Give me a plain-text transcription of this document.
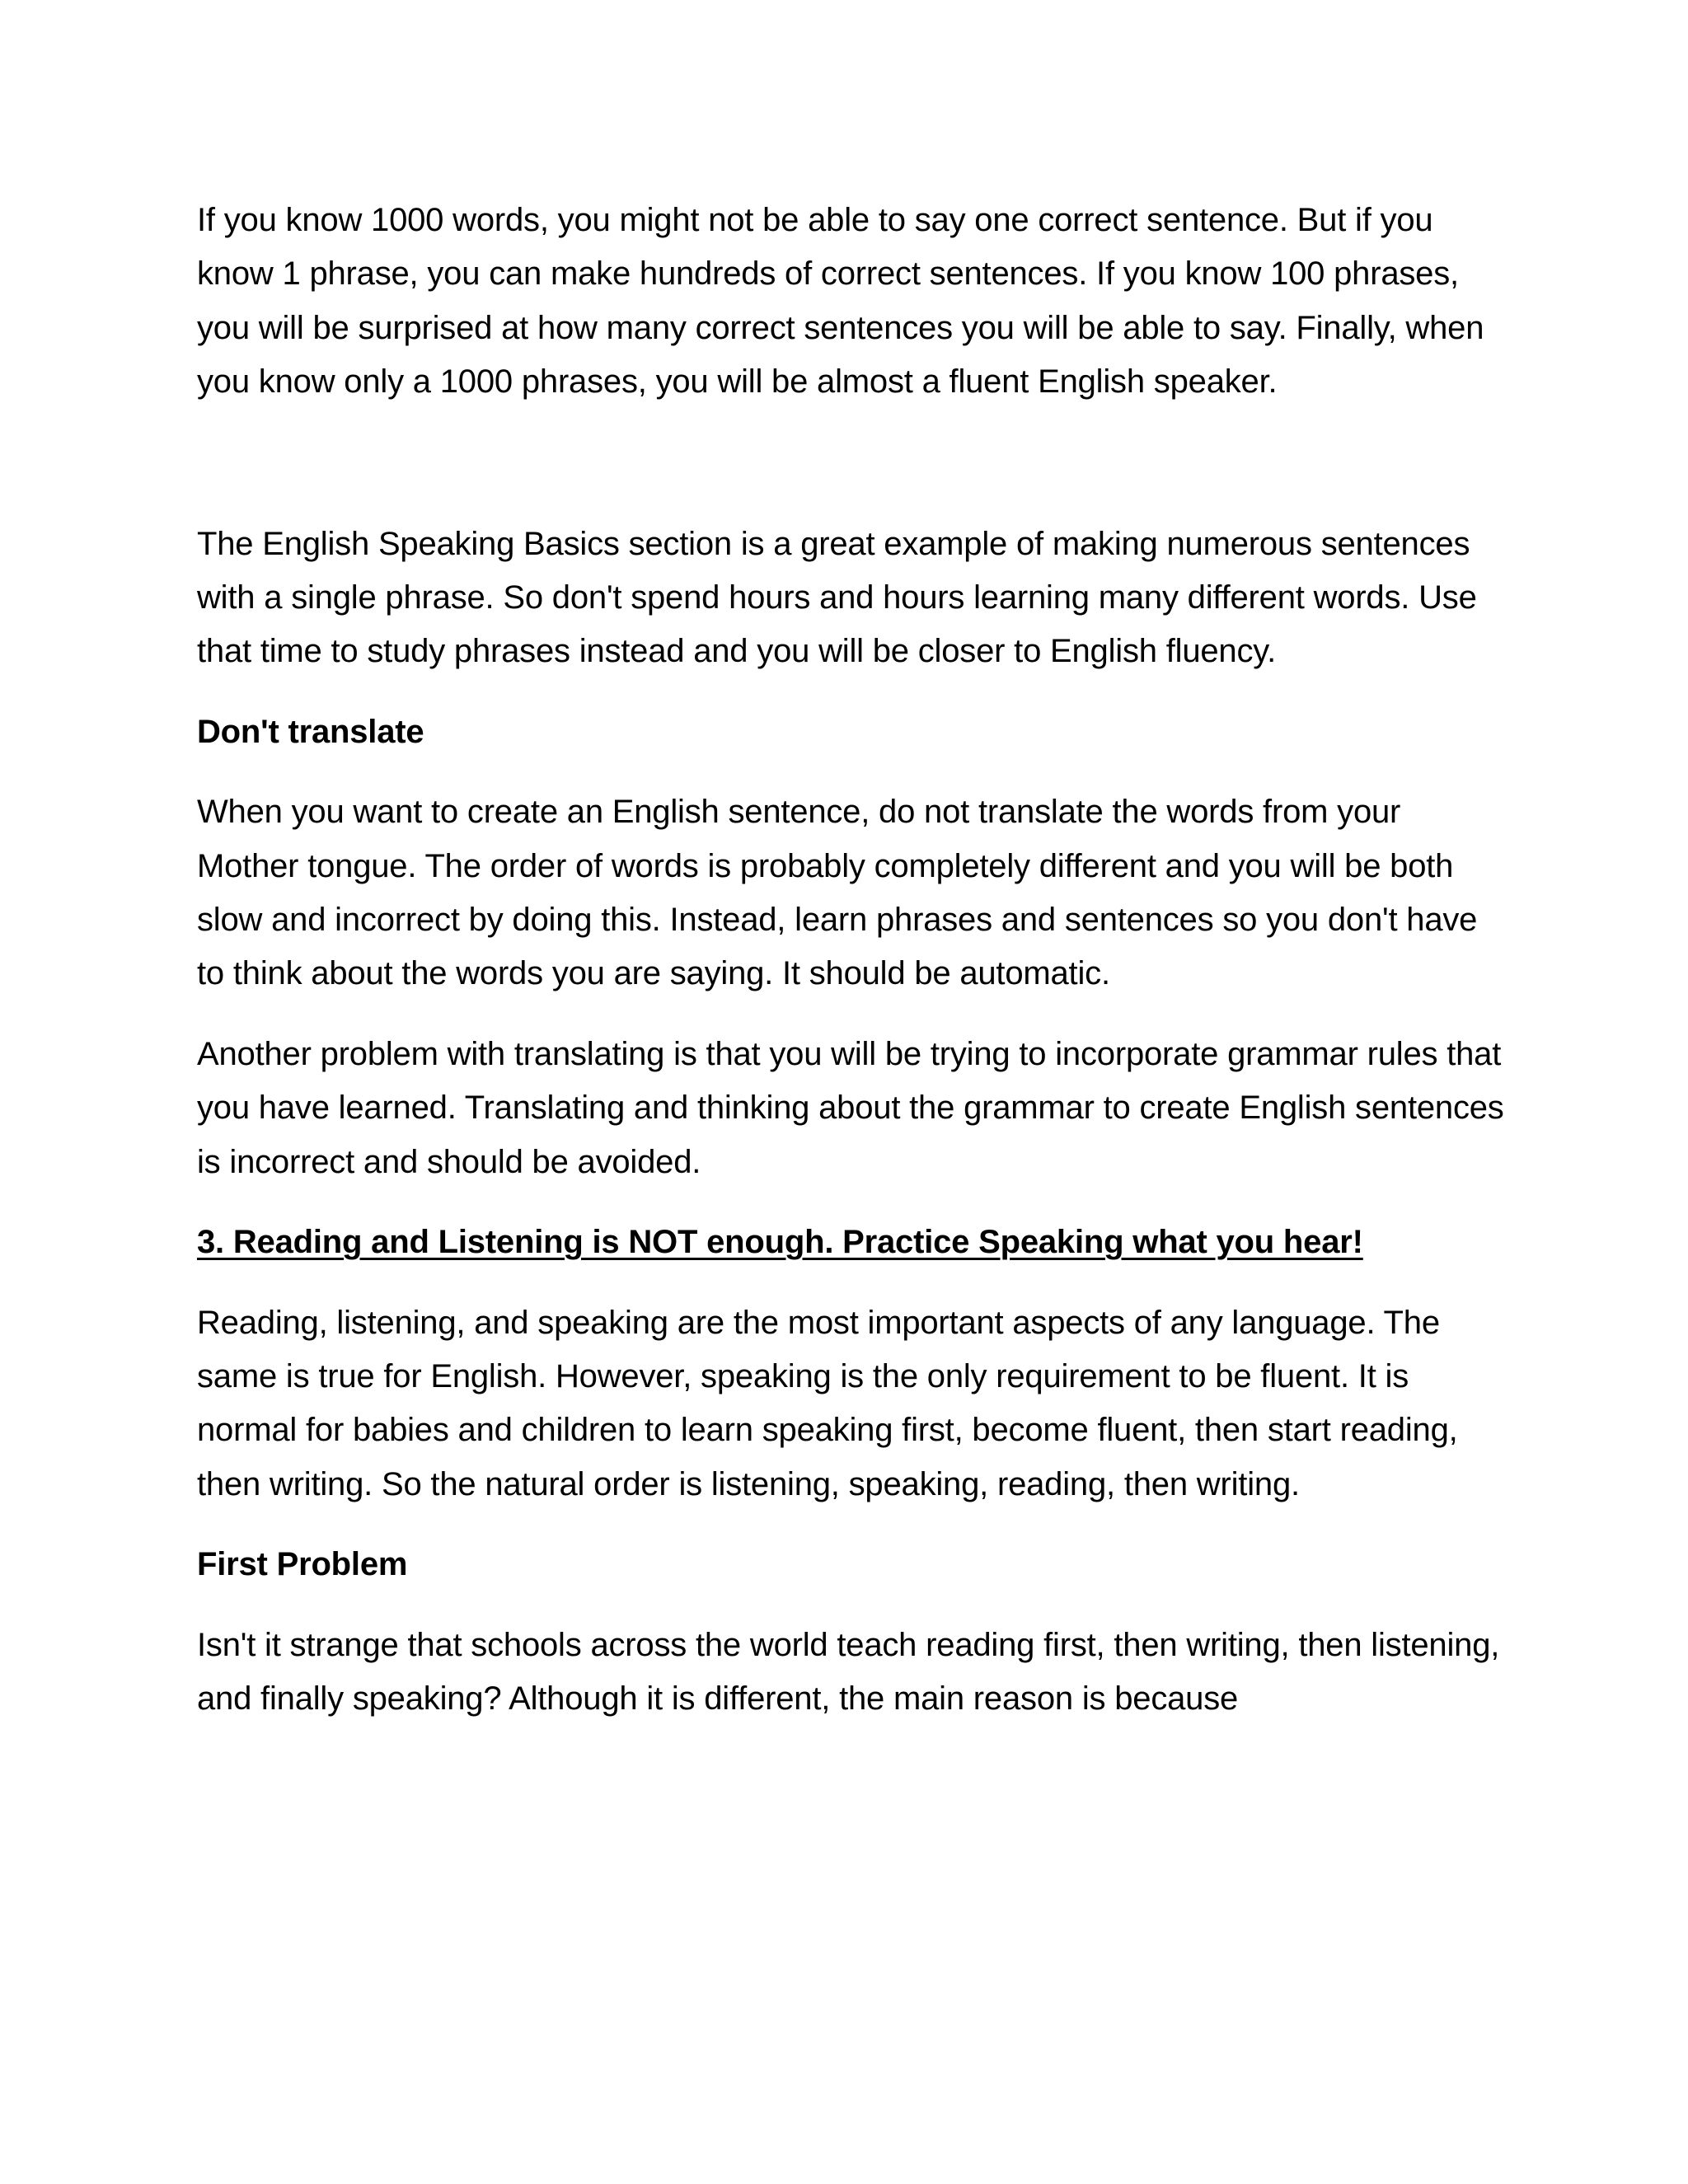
If you know 1000 words, you might not be able to say one correct sentence. But if you know 1 phrase, you can make hundreds of correct sentences. If you know 100 phrases, you will be surprised at how many correct sentences you will be able to say. Finally, when you know only a 1000 phrases, you will be almost a fluent English speaker.

The English Speaking Basics section is a great example of making numerous sentences with a single phrase. So don't spend hours and hours learning many different words. Use that time to study phrases instead and you will be closer to English fluency.

Don't translate

When you want to create an English sentence, do not translate the words from your Mother tongue. The order of words is probably completely different and you will be both slow and incorrect by doing this. Instead, learn phrases and sentences so you don't have to think about the words you are saying. It should be automatic.

Another problem with translating is that you will be trying to incorporate grammar rules that you have learned. Translating and thinking about the grammar to create English sentences is incorrect and should be avoided.

3. Reading and Listening is NOT enough. Practice Speaking what you hear!

Reading, listening, and speaking are the most important aspects of any language. The same is true for English. However, speaking is the only requirement to be fluent. It is normal for babies and children to learn speaking first, become fluent, then start reading, then writing. So the natural order is listening, speaking, reading, then writing.

First Problem

Isn't it strange that schools across the world teach reading first, then writing, then listening, and finally speaking? Although it is different, the main reason is because
